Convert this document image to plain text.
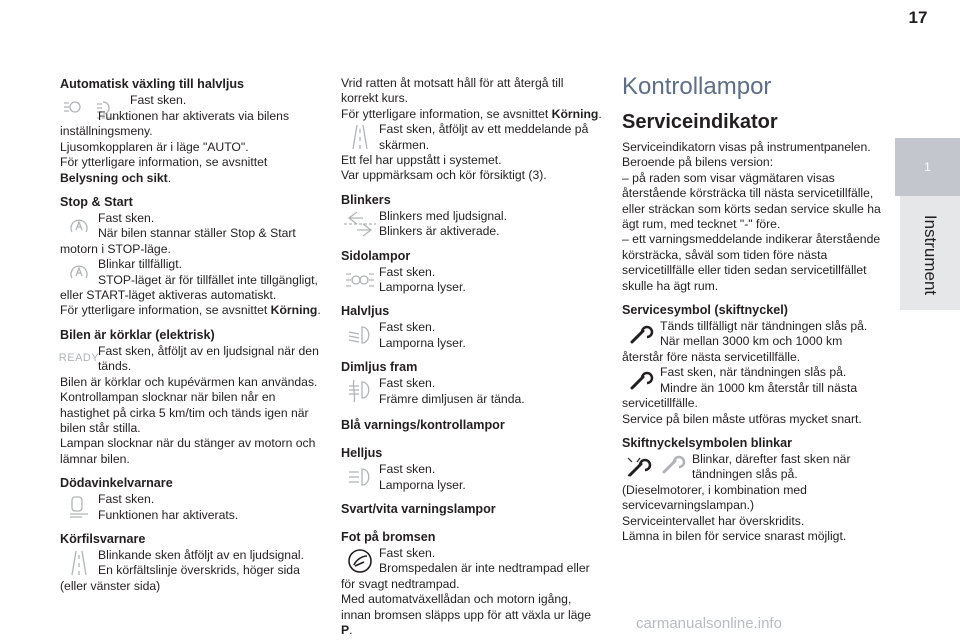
17
1
Instrument
Automatisk växling till halvljus

Fast sken.

Funktionen har aktiverats via bilens inställningsmeny.

Ljusomkopplaren är i läge "AUTO".

För ytterligare information, se avsnittet Belysning och sikt.

Stop & Start

Fast sken.

När bilen stannar ställer Stop & Start motorn i STOP-läge.

Blinkar tillfälligt.

STOP-läget är för tillfället inte tillgängligt, eller START-läget aktiveras automatiskt.

För ytterligare information, se avsnittet Körning.

Bilen är körklar (elektrisk)
READY

Fast sken, åtföljt av en ljudsignal när den tänds.

Bilen är körklar och kupévärmen kan användas.

Kontrollampan slocknar när bilen når en hastighet på cirka 5 km/tim och tänds igen när bilen står stilla.

Lampan slocknar när du stänger av motorn och lämnar bilen.

Dödavinkelvarnare

Fast sken.

Funktionen har aktiverats.

Körfilsvarnare

Blinkande sken åtföljt av en ljudsignal.

En körfältslinje överskrids, höger sida (eller vänster sida)

Vrid ratten åt motsatt håll för att återgå till korrekt kurs.

För ytterligare information, se avsnittet Körning.

Fast sken, åtföljt av ett meddelande på skärmen.

Ett fel har uppstått i systemet.

Var uppmärksam och kör försiktigt (3).

Blinkers

Blinkers med ljudsignal.

Blinkers är aktiverade.

Sidolampor

Fast sken.

Lamporna lyser.

Halvljus

Fast sken.

Lamporna lyser.

Dimljus fram

Fast sken.

Främre dimljusen är tända.

Blå varnings/kontrollampor
Helljus

Fast sken.

Lamporna lyser.

Svart/vita varningslampor
Fot på bromsen

Fast sken.

Bromspedalen är inte nedtrampad eller för svagt nedtrampad.

Med automatväxellådan och motorn igång, innan bromsen släpps upp för att växla ur läge P.

Kontrollampor
Serviceindikator

Serviceindikatorn visas på instrumentpanelen. Beroende på bilens version:

– på raden som visar vägmätaren visas återstående körsträcka till nästa servicetillfälle, eller sträckan som körts sedan service skulle ha ägt rum, med tecknet "-" före.

– ett varningsmeddelande indikerar återstående körsträcka, såväl som tiden före nästa servicetillfälle eller tiden sedan servicetillfället skulle ha ägt rum.

Servicesymbol (skiftnyckel)

Tänds tillfälligt när tändningen slås på.

När mellan 3000 km och 1000 km återstår före nästa servicetillfälle.

Fast sken, när tändningen slås på.

Mindre än 1000 km återstår till nästa servicetillfälle.

Service på bilen måste utföras mycket snart.

Skiftnyckelsymbolen blinkar

Blinkar, därefter fast sken när tändningen slås på.

(Dieselmotorer, i kombination med servicevarningslampan.)

Serviceintervallet har överskridits.

Lämna in bilen för service snarast möjligt.

carmanualsonline.info
